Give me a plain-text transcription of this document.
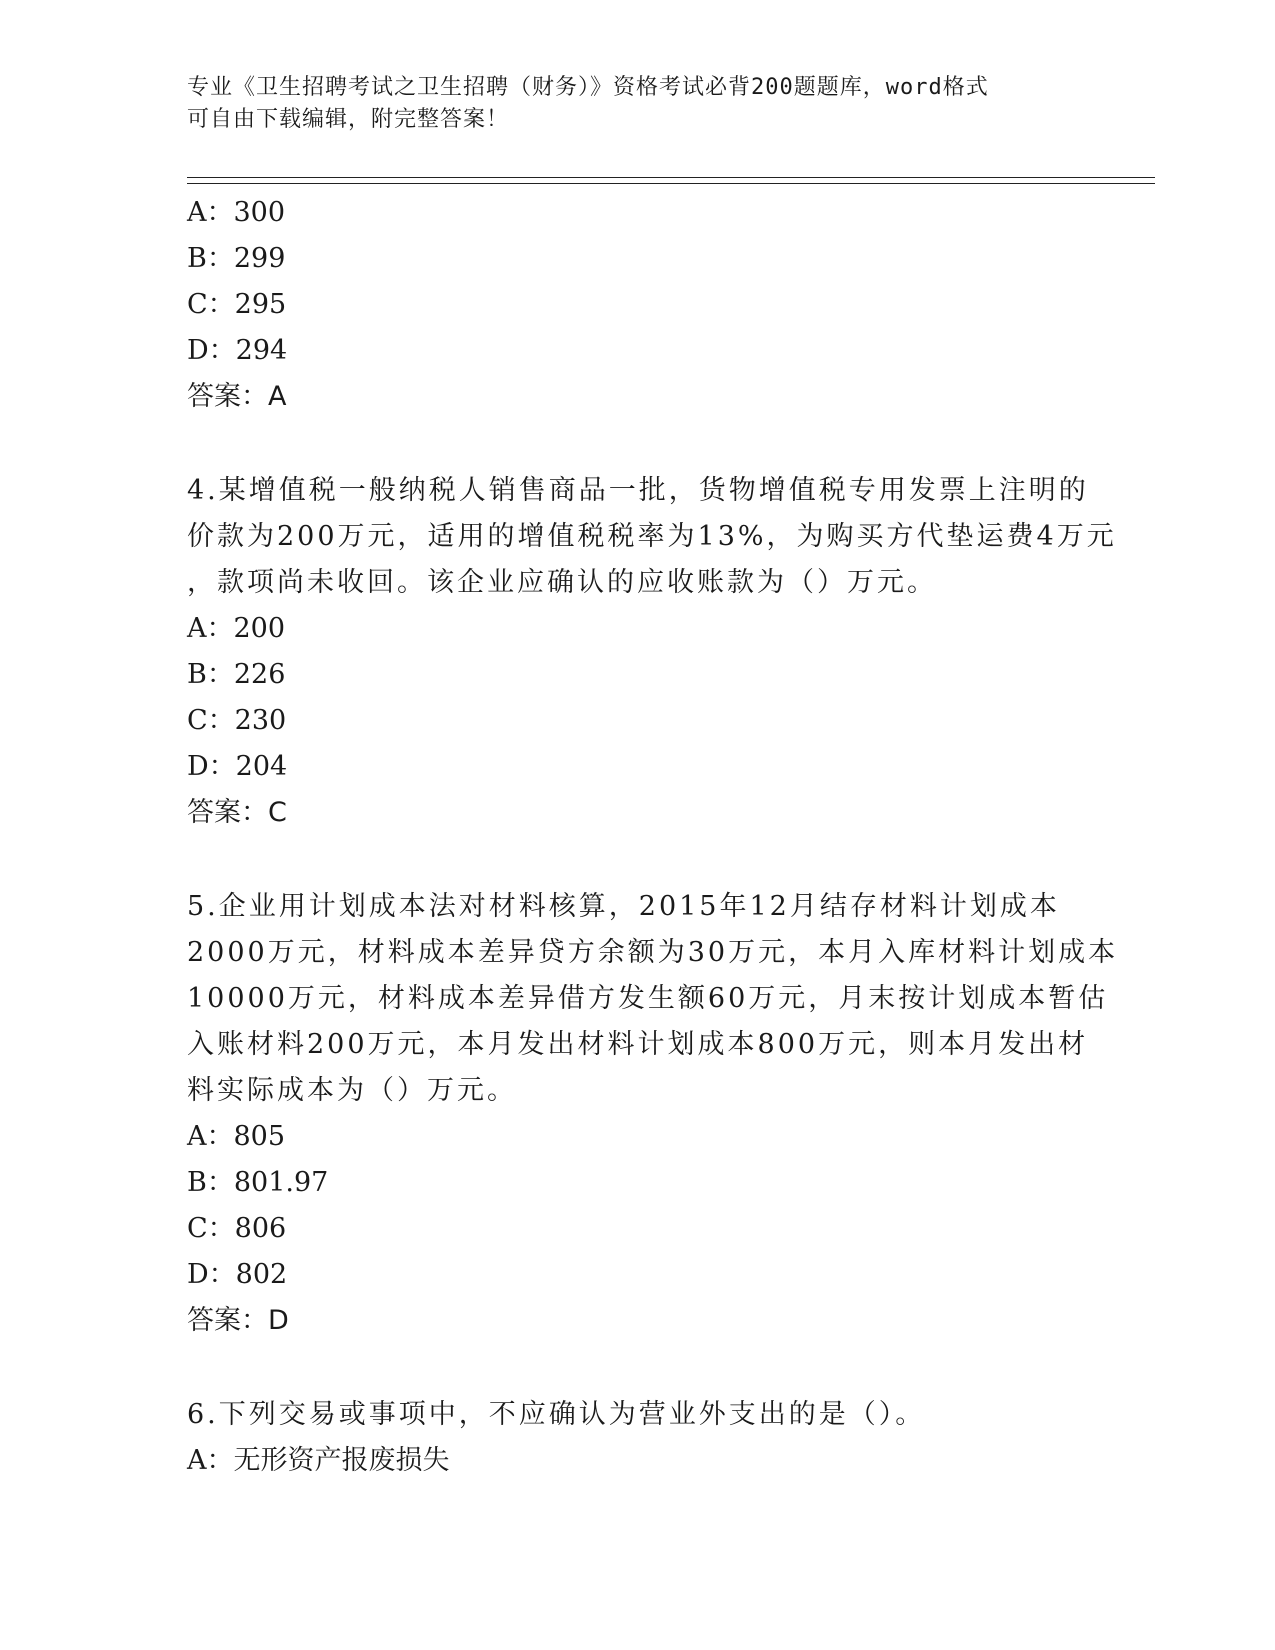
专业《卫生招聘考试之卫生招聘（财务）》资格考试必背200题题库，word格式
可自由下载编辑，附完整答案！
A：300
B：299
C：295
D：294
答案：A
4.某增值税一般纳税人销售商品一批，货物增值税专用发票上注明的
价款为200万元，适用的增值税税率为13%，为购买方代垫运费4万元
，款项尚未收回。该企业应确认的应收账款为（）万元。
A：200
B：226
C：230
D：204
答案：C
5.企业用计划成本法对材料核算，2015年12月结存材料计划成本
2000万元，材料成本差异贷方余额为30万元，本月入库材料计划成本
10000万元，材料成本差异借方发生额60万元，月末按计划成本暂估
入账材料200万元，本月发出材料计划成本800万元，则本月发出材
料实际成本为（）万元。
A：805
B：801.97
C：806
D：802
答案：D
6.下列交易或事项中，不应确认为营业外支出的是（）。
A：无形资产报废损失
